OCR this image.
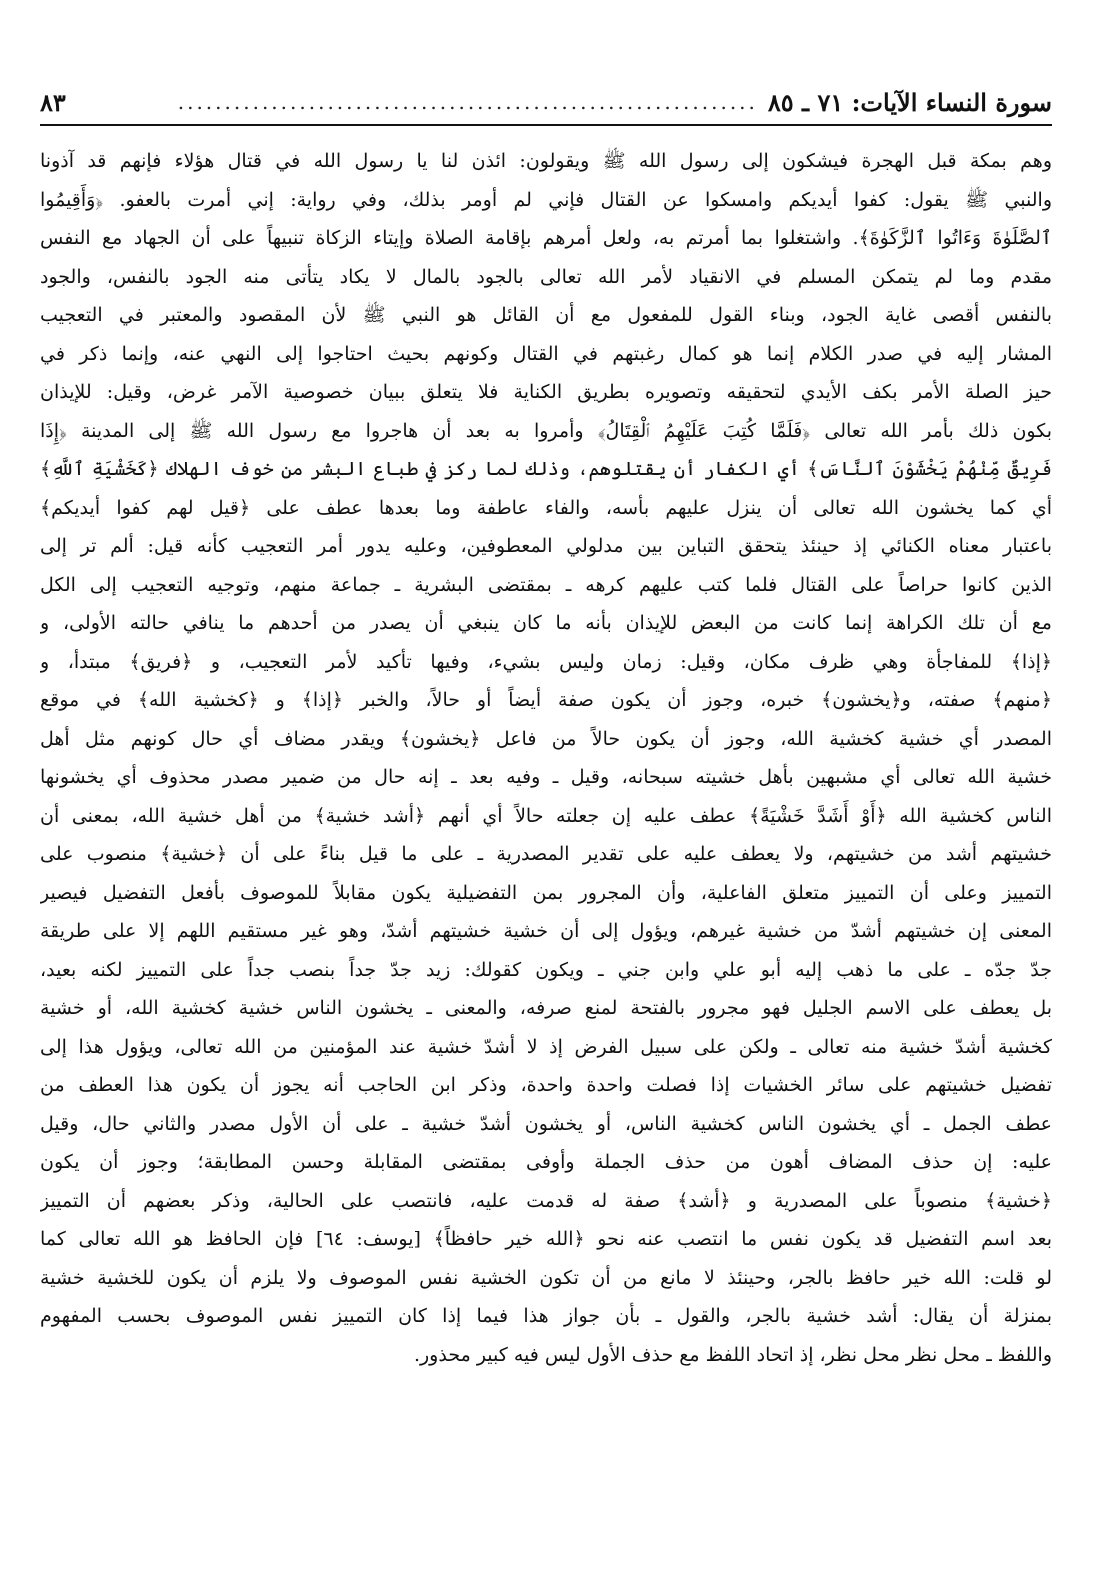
سورة النساء الآيات: ٧١ ـ ٨٥
..............................................................
٨٣
وهم بمكة قبل الهجرة فيشكون إلى رسول الله ﷺ ويقولون: ائذن لنا يا رسول الله في قتال هؤلاء فإنهم قد آذونا
والنبي ﷺ يقول: كفوا أيديكم وامسكوا عن القتال فإني لم أومر بذلك، وفي رواية: إني أمرت بالعفو. ﴿وَأَقِيمُوا
ٱلصَّلَوٰةَ وَءَاتُوا ٱلزَّكَوٰةَ﴾. واشتغلوا بما أمرتم به، ولعل أمرهم بإقامة الصلاة وإيتاء الزكاة تنبيهاً على أن الجهاد مع النفس
مقدم وما لم يتمكن المسلم في الانقياد لأمر الله تعالى بالجود بالمال لا يكاد يتأتى منه الجود بالنفس، والجود
بالنفس أقصى غاية الجود، وبناء القول للمفعول مع أن القائل هو النبي ﷺ لأن المقصود والمعتبر في التعجيب
المشار إليه في صدر الكلام إنما هو كمال رغبتهم في القتال وكونهم بحيث احتاجوا إلى النهي عنه، وإنما ذكر في
حيز الصلة الأمر بكف الأيدي لتحقيقه وتصويره بطريق الكناية فلا يتعلق ببيان خصوصية الآمر غرض، وقيل: للإيذان
بكون ذلك بأمر الله تعالى ﴿فَلَمَّا كُتِبَ عَلَيْهِمُ ٱلْقِتَالُ﴾ وأمروا به بعد أن هاجروا مع رسول الله ﷺ إلى المدينة ﴿إِذَا
فَرِيقٌ مِّنْهُمْ يَخْشَوْنَ ٱلنَّاسَ﴾ أي الكفار أن يقتلوهم، وذلك لما ركز في طباع البشر من خوف الهلاك ﴿كَخَشْيَةِ ٱللَّهِ﴾
أي كما يخشون الله تعالى أن ينزل عليهم بأسه، والفاء عاطفة وما بعدها عطف على ﴿قيل لهم كفوا أيديكم﴾
باعتبار معناه الكنائي إذ حينئذ يتحقق التباين بين مدلولي المعطوفين، وعليه يدور أمر التعجيب كأنه قيل: ألم تر إلى
الذين كانوا حراصاً على القتال فلما كتب عليهم كرهه ـ بمقتضى البشرية ـ جماعة منهم، وتوجيه التعجيب إلى الكل
مع أن تلك الكراهة إنما كانت من البعض للإيذان بأنه ما كان ينبغي أن يصدر من أحدهم ما ينافي حالته الأولى، و
﴿إذا﴾ للمفاجأة وهي ظرف مكان، وقيل: زمان وليس بشيء، وفيها تأكيد لأمر التعجيب، و ﴿فريق﴾ مبتدأ، و
﴿منهم﴾ صفته، و﴿يخشون﴾ خبره، وجوز أن يكون صفة أيضاً أو حالاً، والخبر ﴿إذا﴾ و ﴿كخشية الله﴾ في موقع
المصدر أي خشية كخشية الله، وجوز أن يكون حالاً من فاعل ﴿يخشون﴾ ويقدر مضاف أي حال كونهم مثل أهل
خشية الله تعالى أي مشبهين بأهل خشيته سبحانه، وقيل ـ وفيه بعد ـ إنه حال من ضمير مصدر محذوف أي يخشونها
الناس كخشية الله ﴿أَوْ أَشَدَّ خَشْيَةً﴾ عطف عليه إن جعلته حالاً أي أنهم ﴿أشد خشية﴾ من أهل خشية الله، بمعنى أن
خشيتهم أشد من خشيتهم، ولا يعطف عليه على تقدير المصدرية ـ على ما قيل بناءً على أن ﴿خشية﴾ منصوب على
التمييز وعلى أن التمييز متعلق الفاعلية، وأن المجرور بمن التفضيلية يكون مقابلاً للموصوف بأفعل التفضيل فيصير
المعنى إن خشيتهم أشدّ من خشية غيرهم، ويؤول إلى أن خشية خشيتهم أشدّ، وهو غير مستقيم اللهم إلا على طريقة
جدّ جدّه ـ على ما ذهب إليه أبو علي وابن جني ـ ويكون كقولك: زيد جدّ جداً بنصب جداً على التمييز لكنه بعيد،
بل يعطف على الاسم الجليل فهو مجرور بالفتحة لمنع صرفه، والمعنى ـ يخشون الناس خشية كخشية الله، أو خشية
كخشية أشدّ خشية منه تعالى ـ ولكن على سبيل الفرض إذ لا أشدّ خشية عند المؤمنين من الله تعالى، ويؤول هذا إلى
تفضيل خشيتهم على سائر الخشيات إذا فصلت واحدة واحدة، وذكر ابن الحاجب أنه يجوز أن يكون هذا العطف من
عطف الجمل ـ أي يخشون الناس كخشية الناس، أو يخشون أشدّ خشية ـ على أن الأول مصدر والثاني حال، وقيل
عليه: إن حذف المضاف أهون من حذف الجملة وأوفى بمقتضى المقابلة وحسن المطابقة؛ وجوز أن يكون
﴿خشية﴾ منصوباً على المصدرية و ﴿أشد﴾ صفة له قدمت عليه، فانتصب على الحالية، وذكر بعضهم أن التمييز
بعد اسم التفضيل قد يكون نفس ما انتصب عنه نحو ﴿الله خير حافظاً﴾ [يوسف: ٦٤] فإن الحافظ هو الله تعالى كما
لو قلت: الله خير حافظ بالجر، وحينئذ لا مانع من أن تكون الخشية نفس الموصوف ولا يلزم أن يكون للخشية خشية
بمنزلة أن يقال: أشد خشية بالجر، والقول ـ بأن جواز هذا فيما إذا كان التمييز نفس الموصوف بحسب المفهوم
واللفظ ـ محل نظر محل نظر، إذ اتحاد اللفظ مع حذف الأول ليس فيه كبير محذور.
